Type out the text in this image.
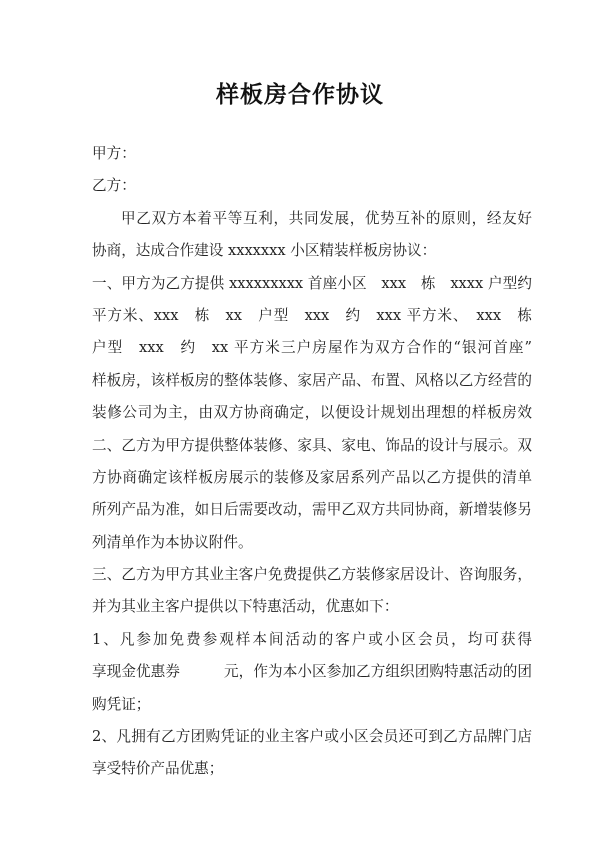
样板房合作协议
甲方：
乙方：
甲乙双方本着平等互利，共同发展，优势互补的原则，经友好
协商，达成合作建设 xxxxxxx 小区精装样板房协议：
一、甲方为乙方提供 xxxxxxxxx 首座小区　xxx　栋　xxxx 户型约
平方米、xxx　栋　xx　户型　xxx　约　xxx 平方米、　xxx　栋
户型　xxx　约　xx 平方米三户房屋作为双方合作的“银河首座”
样板房，该样板房的整体装修、家居产品、布置、风格以乙方经营的
装修公司为主，由双方协商确定，以便设计规划出理想的样板房效
二、乙方为甲方提供整体装修、家具、家电、饰品的设计与展示。双
方协商确定该样板房展示的装修及家居系列产品以乙方提供的清单
所列产品为准，如日后需要改动，需甲乙双方共同协商，新增装修另
列清单作为本协议附件。
三、乙方为甲方其业主客户免费提供乙方装修家居设计、咨询服务，
并为其业主客户提供以下特惠活动，优惠如下：
1、凡参加免费参观样本间活动的客户或小区会员，均可获得　　　
享现金优惠券　　　元，作为本小区参加乙方组织团购特惠活动的团
购凭证；
2、凡拥有乙方团购凭证的业主客户或小区会员还可到乙方品牌门店
享受特价产品优惠；
